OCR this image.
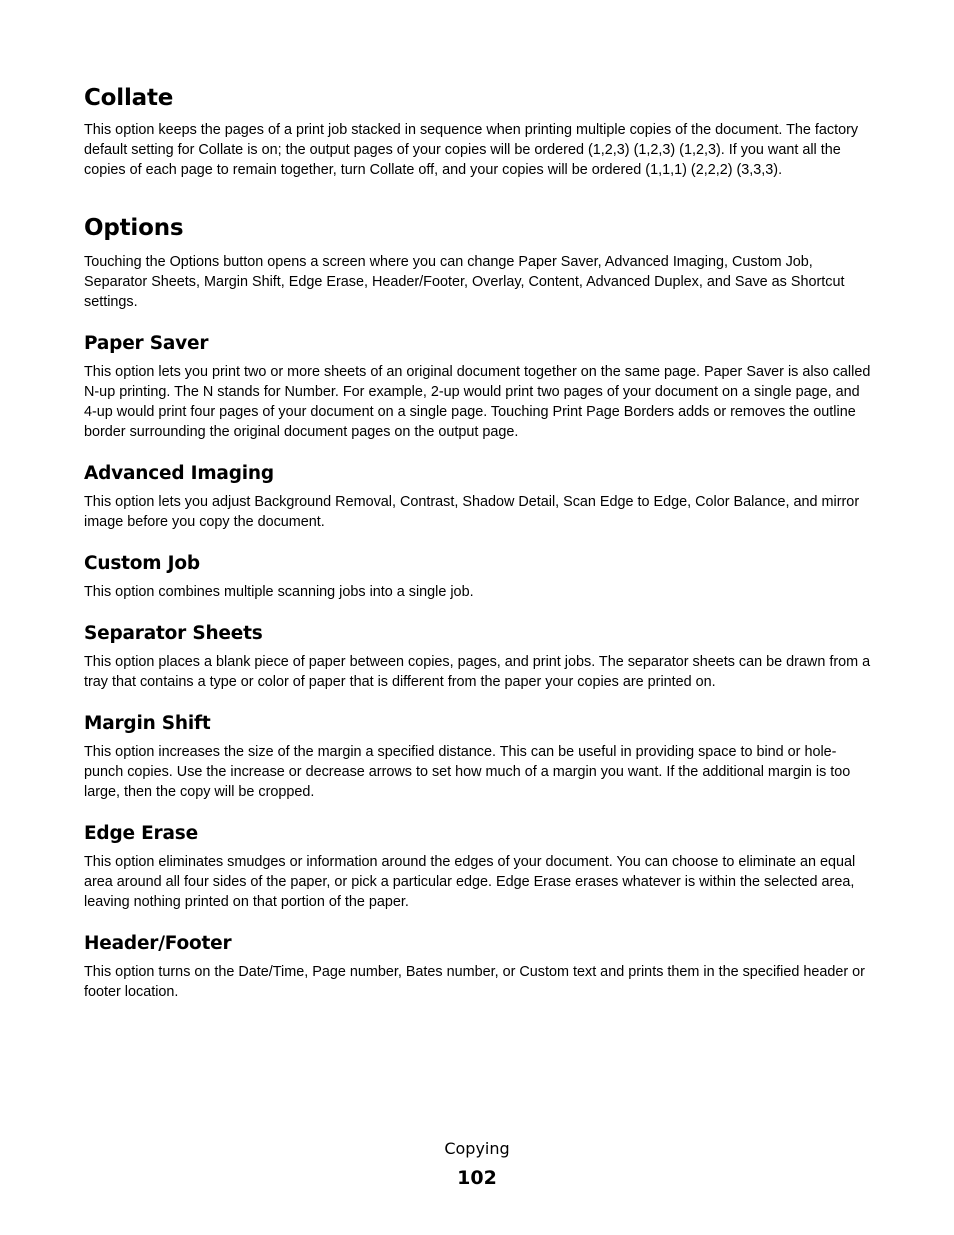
Collate

This option keeps the pages of a print job stacked in sequence when printing multiple copies of the document. The factory default setting for Collate is on; the output pages of your copies will be ordered (1,2,3) (1,2,3) (1,2,3). If you want all the copies of each page to remain together, turn Collate off, and your copies will be ordered (1,1,1) (2,2,2) (3,3,3).

Options

Touching the Options button opens a screen where you can change Paper Saver, Advanced Imaging, Custom Job, Separator Sheets, Margin Shift, Edge Erase, Header/Footer, Overlay, Content, Advanced Duplex, and Save as Shortcut settings.

Paper Saver

This option lets you print two or more sheets of an original document together on the same page. Paper Saver is also called N-up printing. The N stands for Number. For example, 2-up would print two pages of your document on a single page, and 4-up would print four pages of your document on a single page. Touching Print Page Borders adds or removes the outline border surrounding the original document pages on the output page.

Advanced Imaging

This option lets you adjust Background Removal, Contrast, Shadow Detail, Scan Edge to Edge, Color Balance, and mirror image before you copy the document.

Custom Job

This option combines multiple scanning jobs into a single job.

Separator Sheets

This option places a blank piece of paper between copies, pages, and print jobs. The separator sheets can be drawn from a tray that contains a type or color of paper that is different from the paper your copies are printed on.

Margin Shift

This option increases the size of the margin a specified distance. This can be useful in providing space to bind or hole-punch copies. Use the increase or decrease arrows to set how much of a margin you want. If the additional margin is too large, then the copy will be cropped.

Edge Erase

This option eliminates smudges or information around the edges of your document. You can choose to eliminate an equal area around all four sides of the paper, or pick a particular edge. Edge Erase erases whatever is within the selected area, leaving nothing printed on that portion of the paper.

Header/Footer

This option turns on the Date/Time, Page number, Bates number, or Custom text and prints them in the specified header or footer location.

Copying
102
